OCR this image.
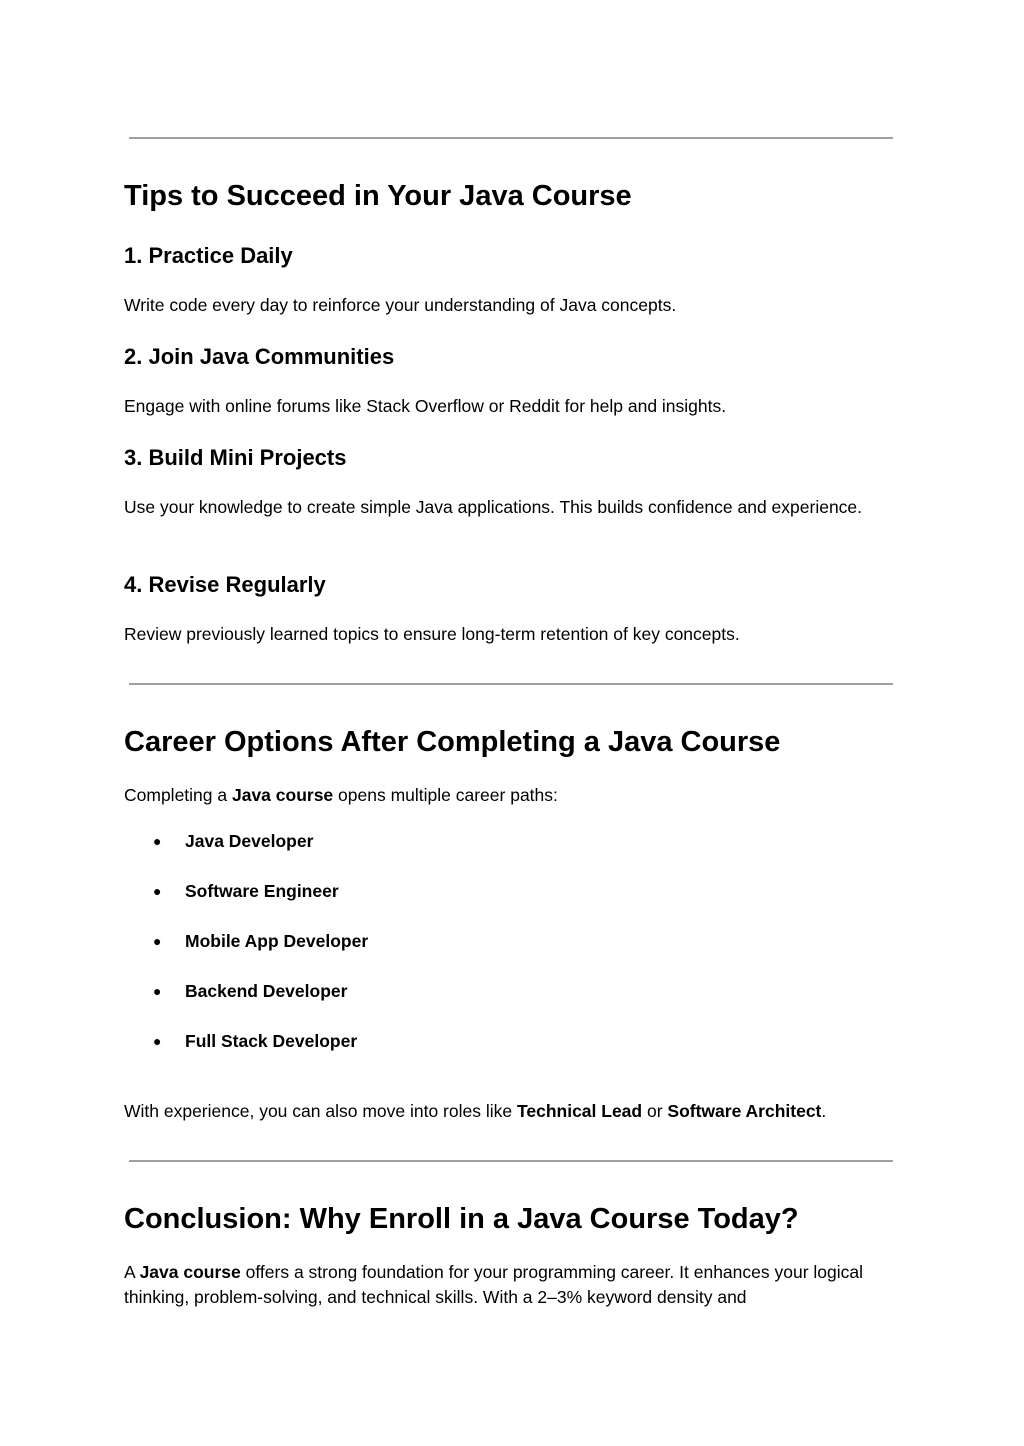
Tips to Succeed in Your Java Course
1. Practice Daily

Write code every day to reinforce your understanding of Java concepts.

2. Join Java Communities

Engage with online forums like Stack Overflow or Reddit for help and insights.

3. Build Mini Projects

Use your knowledge to create simple Java applications. This builds confidence and experience.

4. Revise Regularly

Review previously learned topics to ensure long-term retention of key concepts.

Career Options After Completing a Java Course

Completing a Java course opens multiple career paths:

● Java Developer
● Software Engineer
● Mobile App Developer
● Backend Developer
● Full Stack Developer

With experience, you can also move into roles like Technical Lead or Software Architect.

Conclusion: Why Enroll in a Java Course Today?

A Java course offers a strong foundation for your programming career. It enhances your logical thinking, problem-solving, and technical skills. With a 2–3% keyword density and
